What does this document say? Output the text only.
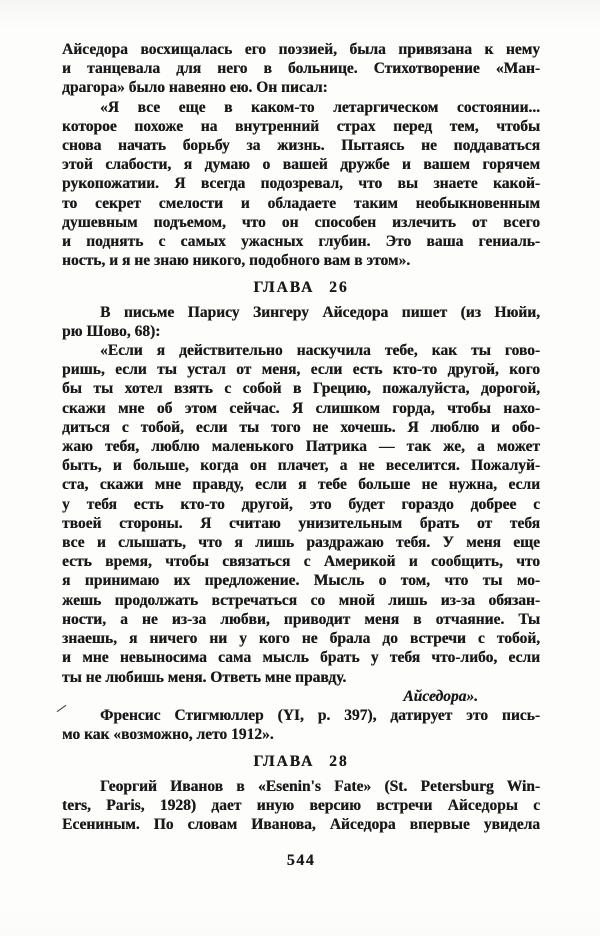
Айседора восхищалась его поэзией, была привязана к нему
и танцевала для него в больнице. Стихотворение «Ман-
драгора» было навеяно ею. Он писал:
«Я все еще в каком-то летаргическом состоянии...
которое похоже на внутренний страх перед тем, чтобы
снова начать борьбу за жизнь. Пытаясь не поддаваться
этой слабости, я думаю о вашей дружбе и вашем горячем
рукопожатии. Я всегда подозревал, что вы знаете какой-
то секрет смелости и обладаете таким необыкновенным
душевным подъемом, что он способен излечить от всего
и поднять с самых ужасных глубин. Это ваша гениаль-
ность, и я не знаю никого, подобного вам в этом».
ГЛАВА 26
В письме Парису Зингеру Айседора пишет (из Нюйи,
рю Шово, 68):
«Если я действительно наскучила тебе, как ты гово-
ришь, если ты устал от меня, если есть кто-то другой, кого
бы ты хотел взять с собой в Грецию, пожалуйста, дорогой,
скажи мне об этом сейчас. Я слишком горда, чтобы нахо-
диться с тобой, если ты того не хочешь. Я люблю и обо-
жаю тебя, люблю маленького Патрика — так же, а может
быть, и больше, когда он плачет, а не веселится. Пожалуй-
ста, скажи мне правду, если я тебе больше не нужна, если
у тебя есть кто-то другой, это будет гораздо добрее с
твоей стороны. Я считаю унизительным брать от тебя
все и слышать, что я лишь раздражаю тебя. У меня еще
есть время, чтобы связаться с Америкой и сообщить, что
я принимаю их предложение. Мысль о том, что ты мо-
жешь продолжать встречаться со мной лишь из-за обязан-
ности, а не из-за любви, приводит меня в отчаяние. Ты
знаешь, я ничего ни у кого не брала до встречи с тобой,
и мне невыносима сама мысль брать у тебя что-либо, если
ты не любишь меня. Ответь мне правду.
Айседора».
Френсис Стигмюллер (YI, p. 397), датирует это пись-
мо как «возможно, лето 1912».
ГЛАВА 28
Георгий Иванов в «Esenin's Fate» (St. Petersburg Win-
ters, Paris, 1928) дает иную версию встречи Айседоры с
Есениным. По словам Иванова, Айседора впервые увидела
544
